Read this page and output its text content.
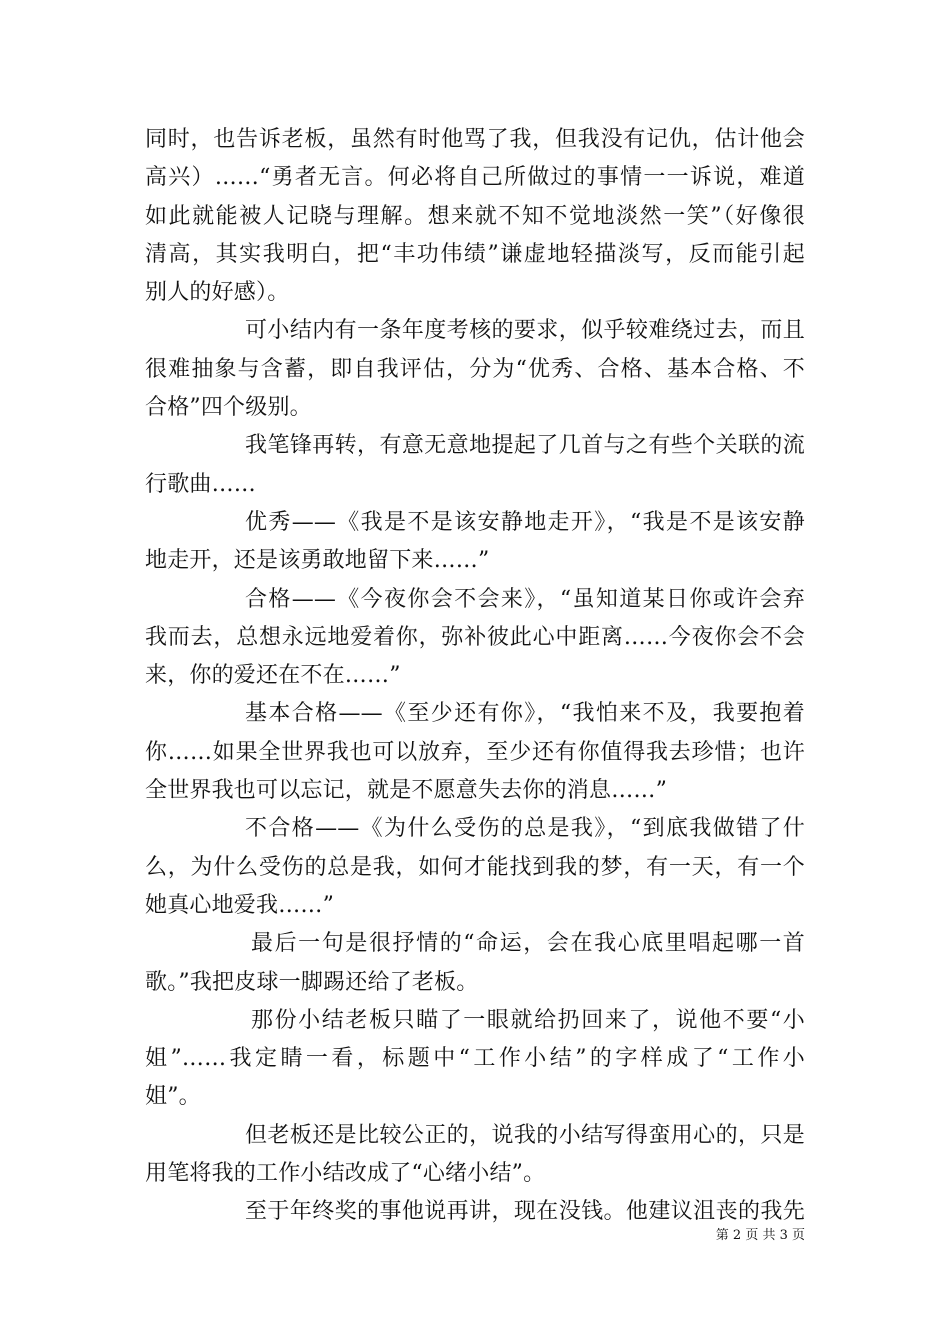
同时，也告诉老板，虽然有时他骂了我，但我没有记仇，估计他会
高兴）……“勇者无言。何必将自己所做过的事情一一诉说，难道
如此就能被人记晓与理解。想来就不知不觉地淡然一笑”（好像很
清高，其实我明白，把“丰功伟绩”谦虚地轻描淡写，反而能引起
别人的好感）。
可小结内有一条年度考核的要求，似乎较难绕过去，而且
很难抽象与含蓄，即自我评估，分为“优秀、合格、基本合格、不
合格”四个级别。
我笔锋再转，有意无意地提起了几首与之有些个关联的流
行歌曲……
优秀——《我是不是该安静地走开》，“我是不是该安静
地走开，还是该勇敢地留下来……”
合格——《今夜你会不会来》，“虽知道某日你或许会弃
我而去，总想永远地爱着你，弥补彼此心中距离……今夜你会不会
来，你的爱还在不在……”
基本合格——《至少还有你》，“我怕来不及，我要抱着
你……如果全世界我也可以放弃，至少还有你值得我去珍惜；也许
全世界我也可以忘记，就是不愿意失去你的消息……”
不合格——《为什么受伤的总是我》，“到底我做错了什
么，为什么受伤的总是我，如何才能找到我的梦，有一天，有一个
她真心地爱我……”
最后一句是很抒情的“命运，会在我心底里唱起哪一首
歌。”我把皮球一脚踢还给了老板。
那份小结老板只瞄了一眼就给扔回来了，说他不要“小
姐”……我定睛一看，标题中“工作小结”的字样成了“工作小
姐”。
但老板还是比较公正的，说我的小结写得蛮用心的，只是
用笔将我的工作小结改成了“心绪小结”。
至于年终奖的事他说再讲，现在没钱。他建议沮丧的我先
第 2 页 共 3 页
